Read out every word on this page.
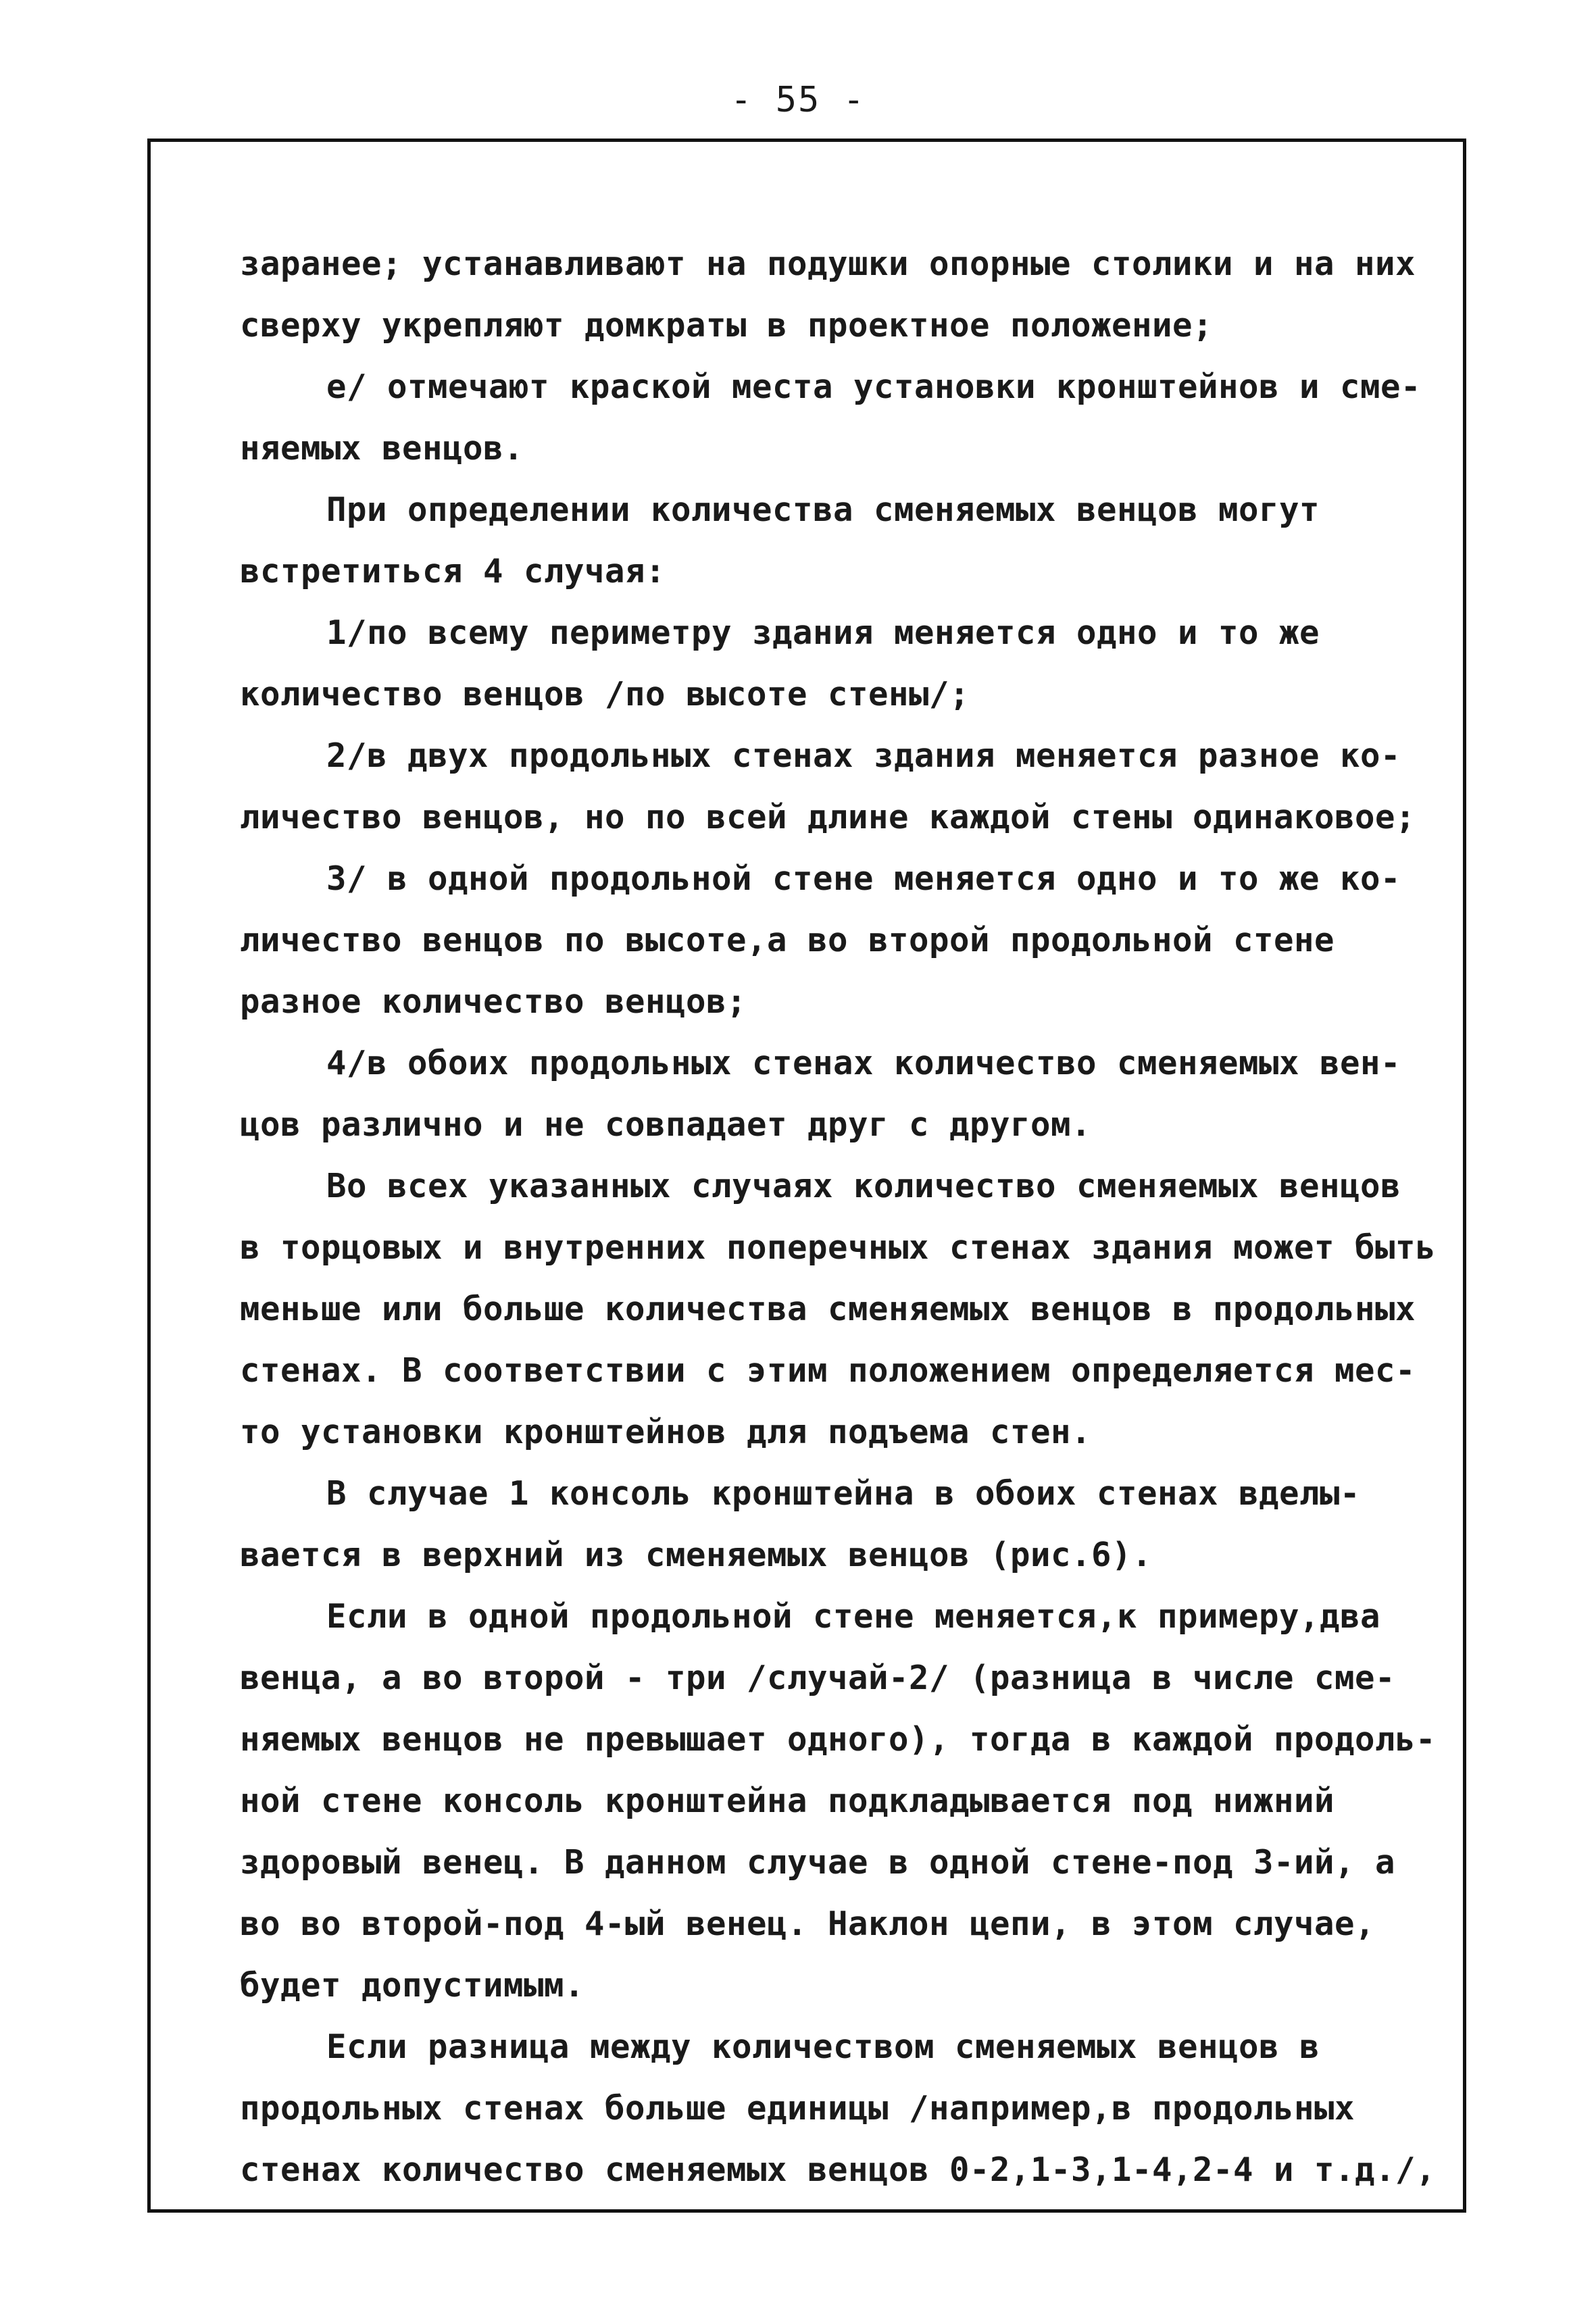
- 55 -
заранее; устанавливают на подушки опорные столики и на них
сверху укрепляют домкраты в проектное положение;
е/ отмечают краской места установки кронштейнов и сме-
няемых венцов.
При определении количества сменяемых венцов могут
встретиться 4 случая:
1/по всему периметру здания меняется одно и то же
количество венцов /по высоте стены/;
2/в двух продольных стенах здания меняется разное ко-
личество венцов, но по всей длине каждой стены одинаковое;
3/ в одной продольной стене меняется одно и то же ко-
личество венцов по высоте,а во второй продольной стене
разное количество венцов;
4/в обоих продольных стенах количество сменяемых вен-
цов различно и не совпадает друг с другом.
Во всех указанных случаях количество сменяемых венцов
в торцовых и внутренних поперечных стенах здания может быть
меньше или больше количества сменяемых венцов в продольных
стенах. В соответствии с этим положением определяется мес-
то установки кронштейнов для подъема стен.
В случае 1 консоль кронштейна в обоих стенах вделы-
вается в верхний из сменяемых венцов (рис.6).
Если в одной продольной стене меняется,к примеру,два
венца, а во второй - три /случай-2/ (разница в числе сме-
няемых венцов не превышает одного), тогда в каждой продоль-
ной стене консоль кронштейна подкладывается под нижний
здоровый венец. В данном случае в одной стене-под 3-ий, а
во во второй-под 4-ый венец. Наклон цепи, в этом случае,
будет допустимым.
Если разница между количеством сменяемых венцов в
продольных стенах больше единицы /например,в продольных
стенах количество сменяемых венцов 0-2,1-3,1-4,2-4 и т.д./,
